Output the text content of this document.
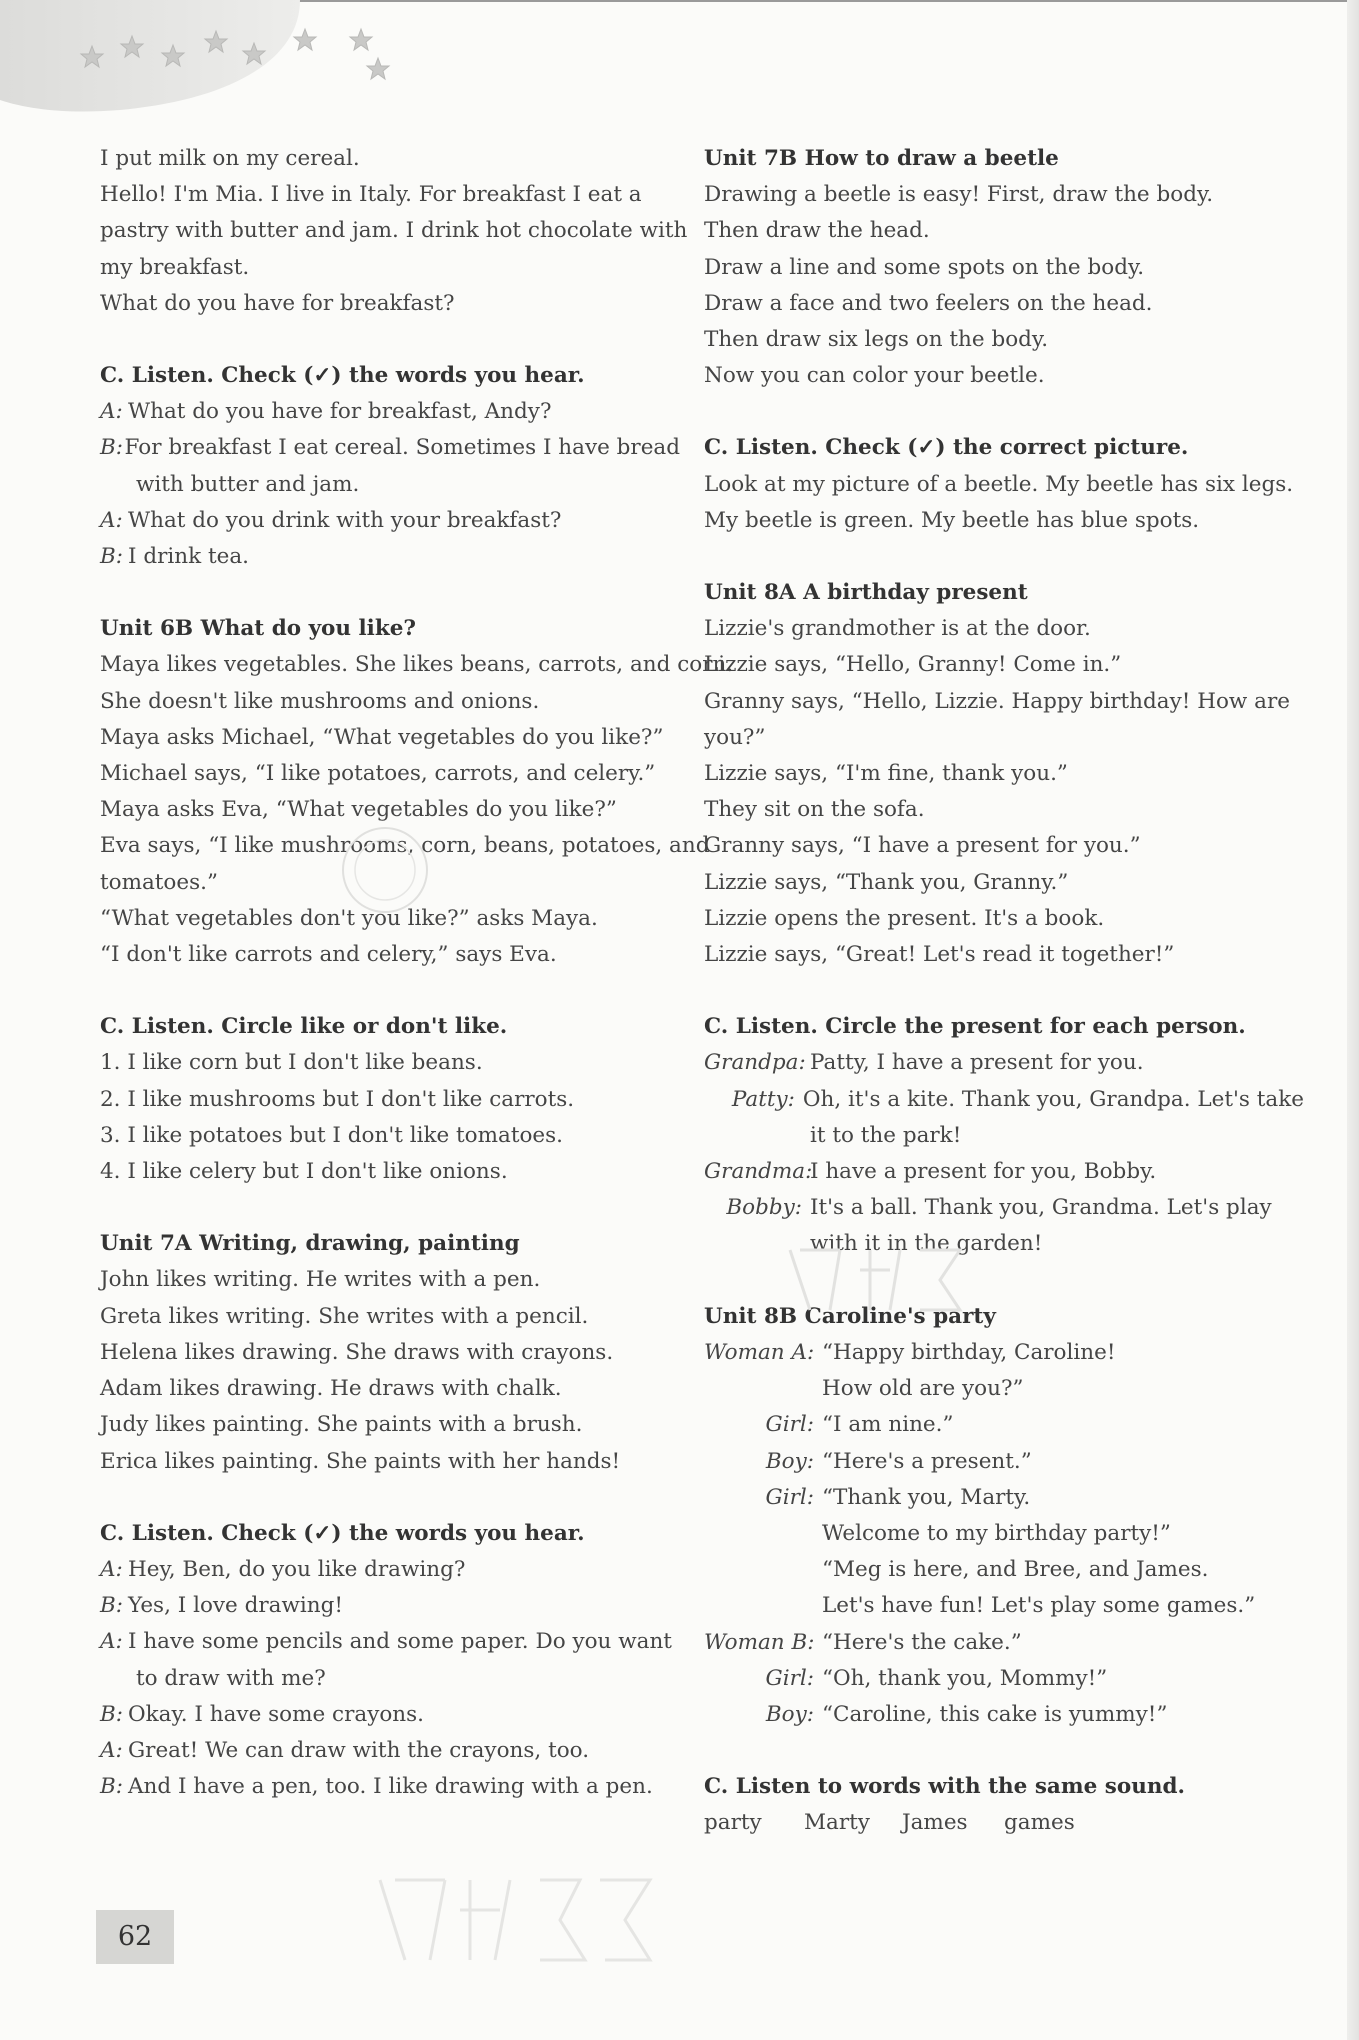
I put milk on my cereal.
Hello! I'm Mia. I live in Italy. For breakfast I eat a
pastry with butter and jam. I drink hot chocolate with
my breakfast.
What do you have for breakfast?
C. Listen. Check (✓) the words you hear.
A: What do you have for breakfast, Andy?
B: For breakfast I eat cereal. Sometimes I have bread
with butter and jam.
A: What do you drink with your breakfast?
B: I drink tea.
Unit 6B What do you like?
Maya likes vegetables. She likes beans, carrots, and corn.
She doesn't like mushrooms and onions.
Maya asks Michael, “What vegetables do you like?”
Michael says, “I like potatoes, carrots, and celery.”
Maya asks Eva, “What vegetables do you like?”
Eva says, “I like mushrooms, corn, beans, potatoes, and
tomatoes.”
“What vegetables don't you like?” asks Maya.
“I don't like carrots and celery,” says Eva.
C. Listen. Circle like or don't like.
1. I like corn but I don't like beans.
2. I like mushrooms but I don't like carrots.
3. I like potatoes but I don't like tomatoes.
4. I like celery but I don't like onions.
Unit 7A Writing, drawing, painting
John likes writing. He writes with a pen.
Greta likes writing. She writes with a pencil.
Helena likes drawing. She draws with crayons.
Adam likes drawing. He draws with chalk.
Judy likes painting. She paints with a brush.
Erica likes painting. She paints with her hands!
C. Listen. Check (✓) the words you hear.
A: Hey, Ben, do you like drawing?
B: Yes, I love drawing!
A: I have some pencils and some paper. Do you want
to draw with me?
B: Okay. I have some crayons.
A: Great! We can draw with the crayons, too.
B: And I have a pen, too. I like drawing with a pen.
Unit 7B How to draw a beetle
Drawing a beetle is easy! First, draw the body.
Then draw the head.
Draw a line and some spots on the body.
Draw a face and two feelers on the head.
Then draw six legs on the body.
Now you can color your beetle.
C. Listen. Check (✓) the correct picture.
Look at my picture of a beetle. My beetle has six legs.
My beetle is green. My beetle has blue spots.
Unit 8A A birthday present
Lizzie's grandmother is at the door.
Lizzie says, “Hello, Granny! Come in.”
Granny says, “Hello, Lizzie. Happy birthday! How are
you?”
Lizzie says, “I'm fine, thank you.”
They sit on the sofa.
Granny says, “I have a present for you.”
Lizzie says, “Thank you, Granny.”
Lizzie opens the present. It's a book.
Lizzie says, “Great! Let's read it together!”
C. Listen. Circle the present for each person.
Grandpa: Patty, I have a present for you.
Patty: Oh, it's a kite. Thank you, Grandpa. Let's take
it to the park!
Grandma:
I have a present for you, Bobby.
Bobby: It's a ball. Thank you, Grandma. Let's play
with it in the garden!
Unit 8B Caroline's party
Woman A: “Happy birthday, Caroline!
How old are you?”
Girl: “I am nine.”
Boy: “Here's a present.”
Girl: “Thank you, Marty.
Welcome to my birthday party!”
“Meg is here, and Bree, and James.
Let's have fun! Let's play some games.”
Woman B: “Here's the cake.”
Girl: “Oh, thank you, Mommy!”
Boy: “Caroline, this cake is yummy!”
C. Listen to words with the same sound.
party	Marty	James	games
62
